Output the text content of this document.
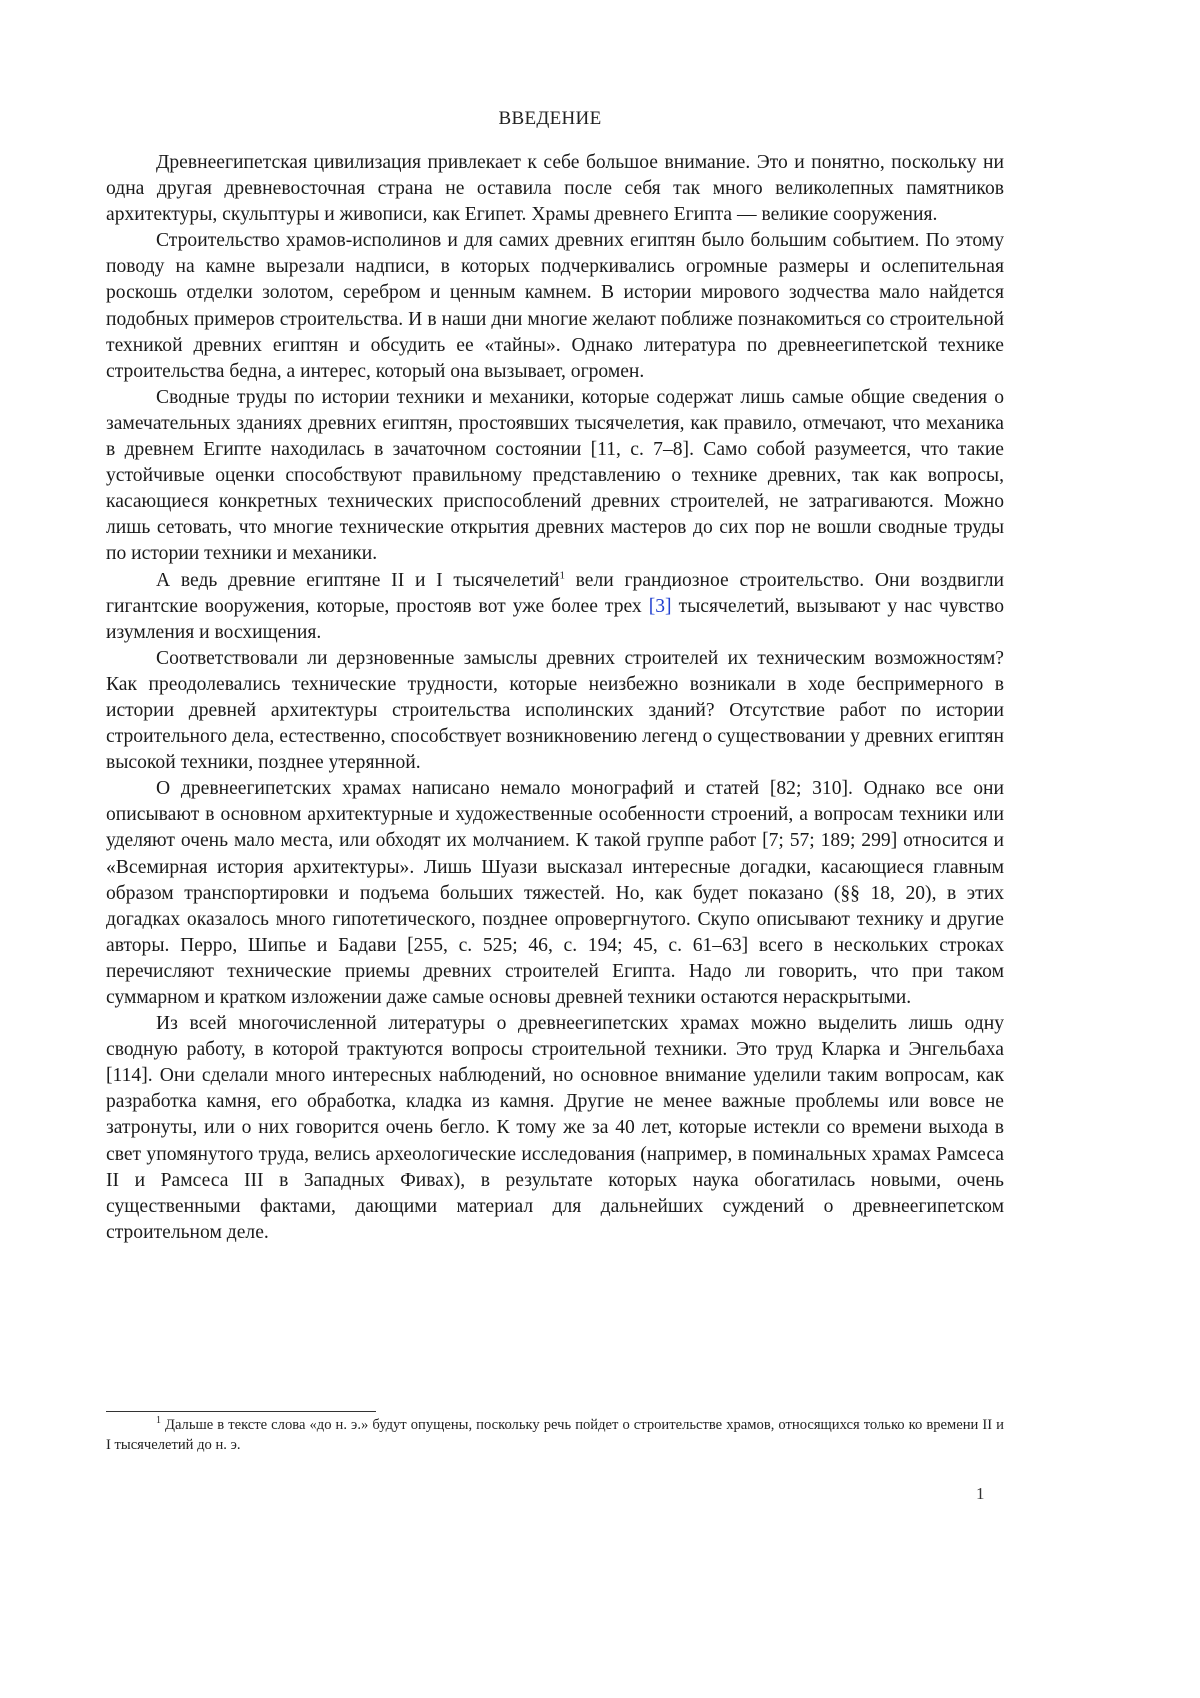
ВВЕДЕНИЕ

Древнеегипетская цивилизация привлекает к себе большое внимание. Это и понятно, поскольку ни одна другая древневосточная страна не оставила после себя так много великолепных памятников архитектуры, скульптуры и живописи, как Египет. Храмы древнего Египта — великие сооружения.

Строительство храмов-исполинов и для самих древних египтян было большим событием. По этому поводу на камне вырезали надписи, в которых подчеркивались огромные размеры и ослепительная роскошь отделки золотом, серебром и ценным камнем. В истории мирового зодчества мало найдется подобных примеров строительства. И в наши дни многие желают поближе познакомиться со строительной техникой древних египтян и обсудить ее «тайны». Однако литература по древнеегипетской технике строительства бедна, а интерес, который она вызывает, огромен.

Сводные труды по истории техники и механики, которые содержат лишь самые общие сведения о замечательных зданиях древних египтян, простоявших тысячелетия, как правило, отмечают, что механика в древнем Египте находилась в зачаточном состоянии [11, с. 7–8]. Само собой разумеется, что такие устойчивые оценки способствуют правильному представлению о технике древних, так как вопросы, касающиеся конкретных технических приспособлений древних строителей, не затрагиваются. Можно лишь сетовать, что многие технические открытия древних мастеров до сих пор не вошли сводные труды по истории техники и механики.

А ведь древние египтяне II и I тысячелетий$^1$ вели грандиозное строительство. Они воздвигли гигантские вооружения, которые, простояв вот уже более трех [3] тысячелетий, вызывают у нас чувство изумления и восхищения.

Соответствовали ли дерзновенные замыслы древних строителей их техническим возможностям? Как преодолевались технические трудности, которые неизбежно возникали в ходе беспримерного в истории древней архитектуры строительства исполинских зданий? Отсутствие работ по истории строительного дела, естественно, способствует возникновению легенд о существовании у древних египтян высокой техники, позднее утерянной.

О древнеегипетских храмах написано немало монографий и статей [82; 310]. Однако все они описывают в основном архитектурные и художественные особенности строений, а вопросам техники или уделяют очень мало места, или обходят их молчанием. К такой группе работ [7; 57; 189; 299] относится и «Всемирная история архитектуры». Лишь Шуази высказал интересные догадки, касающиеся главным образом транспортировки и подъема больших тяжестей. Но, как будет показано (§§ 18, 20), в этих догадках оказалось много гипотетического, позднее опровергнутого. Скупо описывают технику и другие авторы. Перро, Шипье и Бадави [255, с. 525; 46, с. 194; 45, с. 61–63] всего в нескольких строках перечисляют технические приемы древних строителей Египта. Надо ли говорить, что при таком суммарном и кратком изложении даже самые основы древней техники остаются нераскрытыми.

Из всей многочисленной литературы о древнеегипетских храмах можно выделить лишь одну сводную работу, в которой трактуются вопросы строительной техники. Это труд Кларка и Энгельбаха [114]. Они сделали много интересных наблюдений, но основное внимание уделили таким вопросам, как разработка камня, его обработка, кладка из камня. Другие не менее важные проблемы или вовсе не затронуты, или о них говорится очень бегло. К тому же за 40 лет, которые истекли со времени выхода в свет упомянутого труда, велись археологические исследования (например, в поминальных храмах Рамсеса II и Рамсеса III в Западных Фивах), в результате которых наука обогатилась новыми, очень существенными фактами, дающими материал для дальнейших суждений о древнеегипетском строительном деле.

$^1$ Дальше в тексте слова «до н. э.» будут опущены, поскольку речь пойдет о строительстве храмов, относящихся только ко времени II и I тысячелетий до н. э.
1
